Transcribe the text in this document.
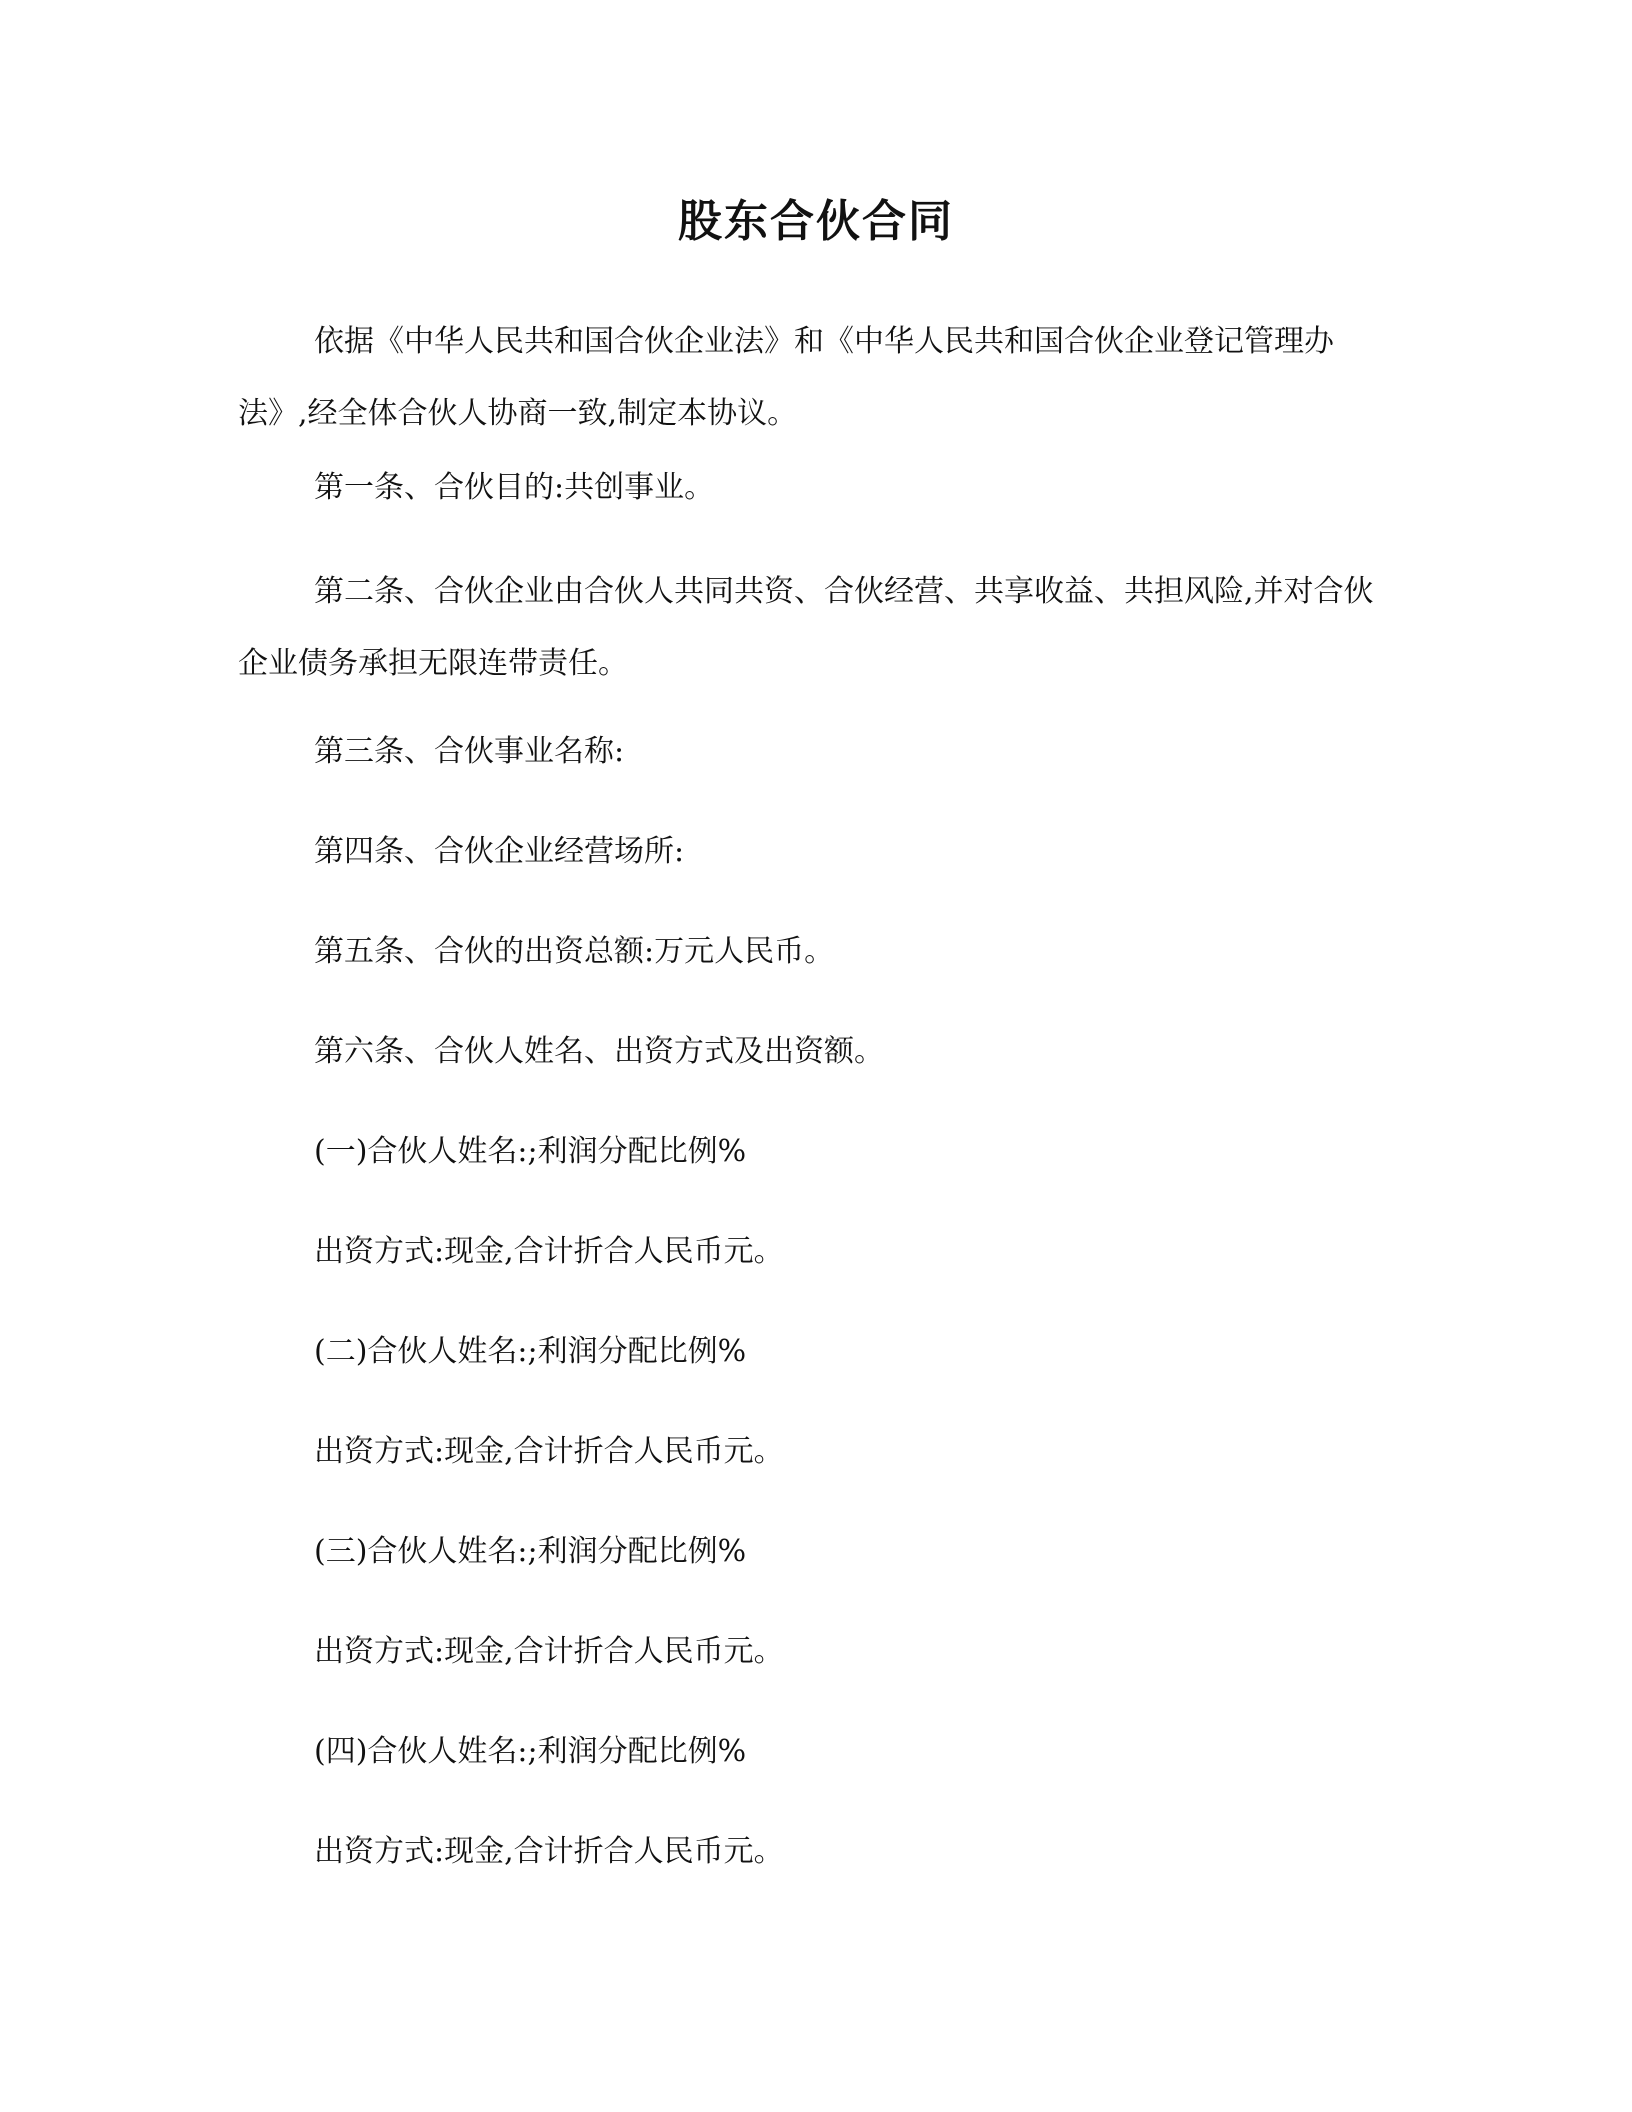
股东合伙合同

依据《中华人民共和国合伙企业法》和《中华人民共和国合伙企业登记管理办法》,经全体合伙人协商一致,制定本协议。

第一条、合伙目的:共创事业。

第二条、合伙企业由合伙人共同共资、合伙经营、共享收益、共担风险,并对合伙企业债务承担无限连带责任。

第三条、合伙事业名称:

第四条、合伙企业经营场所:

第五条、合伙的出资总额:万元人民币。

第六条、合伙人姓名、出资方式及出资额。

(一)合伙人姓名:;利润分配比例%

出资方式:现金,合计折合人民币元。

(二)合伙人姓名:;利润分配比例%

出资方式:现金,合计折合人民币元。

(三)合伙人姓名:;利润分配比例%

出资方式:现金,合计折合人民币元。

(四)合伙人姓名:;利润分配比例%

出资方式:现金,合计折合人民币元。
